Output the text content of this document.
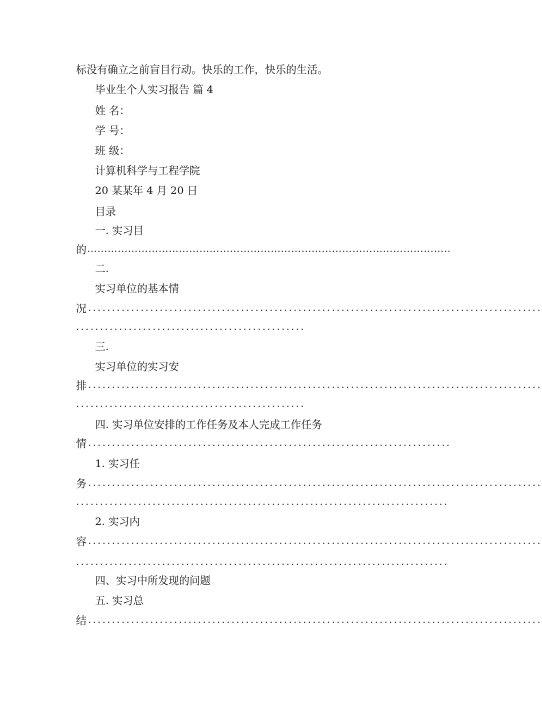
标没有确立之前盲目行动。快乐的工作，快乐的生活。
毕业生个人实习报告 篇 4
姓 名：
学 号：
班 级：
计算机科学与工程学院
20 某某年 4 月 20 日
目录
一. 实习目
的 ……………………………………………………………………………………………..
二.
实习单位的基本情
况 ...............................................................................................
................................................
三.
实习单位的实习安
排 ...............................................................................................
................................................
四. 实习单位安排的工作任务及本人完成工作任务
情 ............................................................................
1. 实习任
务 ...............................................................................................
..............................................................................
2. 实习内
容 ...............................................................................................
..............................................................................
四、实习中所发现的问题
五. 实习总
结 ...............................................................................................
